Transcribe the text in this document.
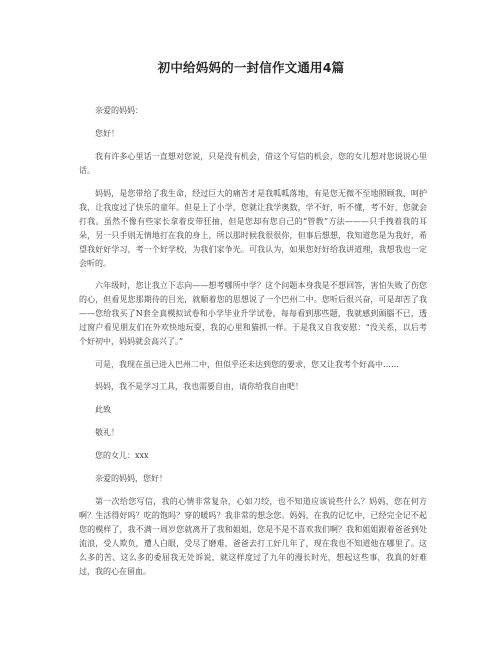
初中给妈妈的一封信作文通用4篇

亲爱的妈妈：

您好！

我有许多心里话一直想对您说，只是没有机会，借这个写信的机会，您的女儿想对您说说心里话。

妈妈，是您带给了我生命，经过巨大的痛苦才是我呱呱落地，有是您无微不至地照顾我、呵护我，让我度过了快乐的童年。但是上了小学，您就让我学奥数，学不好，听不懂，考不好，您就会打我。虽然不像有些家长拿着皮带狂抽，但是您却有您自己的“管教”方法———只手拽着我的耳朵，另一只手则无情地打在我的身上，所以那时候我很很你，但事后想想，我知道您是为我好，希望我好好学习，考一个好学校，为我们家争光。可我认为，如果您好好给我讲道理，我想我也一定会听的。

六年级时，您让我立下志向——想考哪所中学？这个问题本身我是不想回答，害怕失败了伤您的心，但看见您那期待的目光，就顺着您的思想说了一个巴州二中。您听后很兴奋，可是却苦了我——您给我买了N套全真模拟试卷和小学毕业升学试卷，每每看到那些题，我就感到頭腦不已，透过窗户看见朋友们在外欢快地玩耍，我的心里和猫抓一样。于是我又自我安慰：“没关系，以后考个好初中，妈妈就会高兴了。”

可是，我现在虽已进入巴州二中，但似乎还未达到您的要求，您又让我考个好高中……

妈妈，我不是学习工具，我也需要自由，请你给我自由吧！

此致

敬礼！

您的女儿：xxx

亲爱的妈妈，您好！

第一次给您写信，我的心情非常复杂，心如刀绞，也不知道应该说些什么？妈妈，您在何方啊？生活得好吗？吃的饱吗？穿的暖吗？我非常的想念您。妈妈，在我的记忆中，已经完全记不起您的模样了，我不满一周岁您就离开了我和姐姐，您是不是不喜欢我们啊？我和姐姐跟着爸爸到处流浪，受人欺负，遭人白眼，受尽了磨难，爸爸去打工好几年了，现在我也不知道他在哪里了。这么多的苦、这么多的委屈我无处诉说，就这样度过了九年的漫长时光，想起这些事，我真的好难过，我的心在留血。
